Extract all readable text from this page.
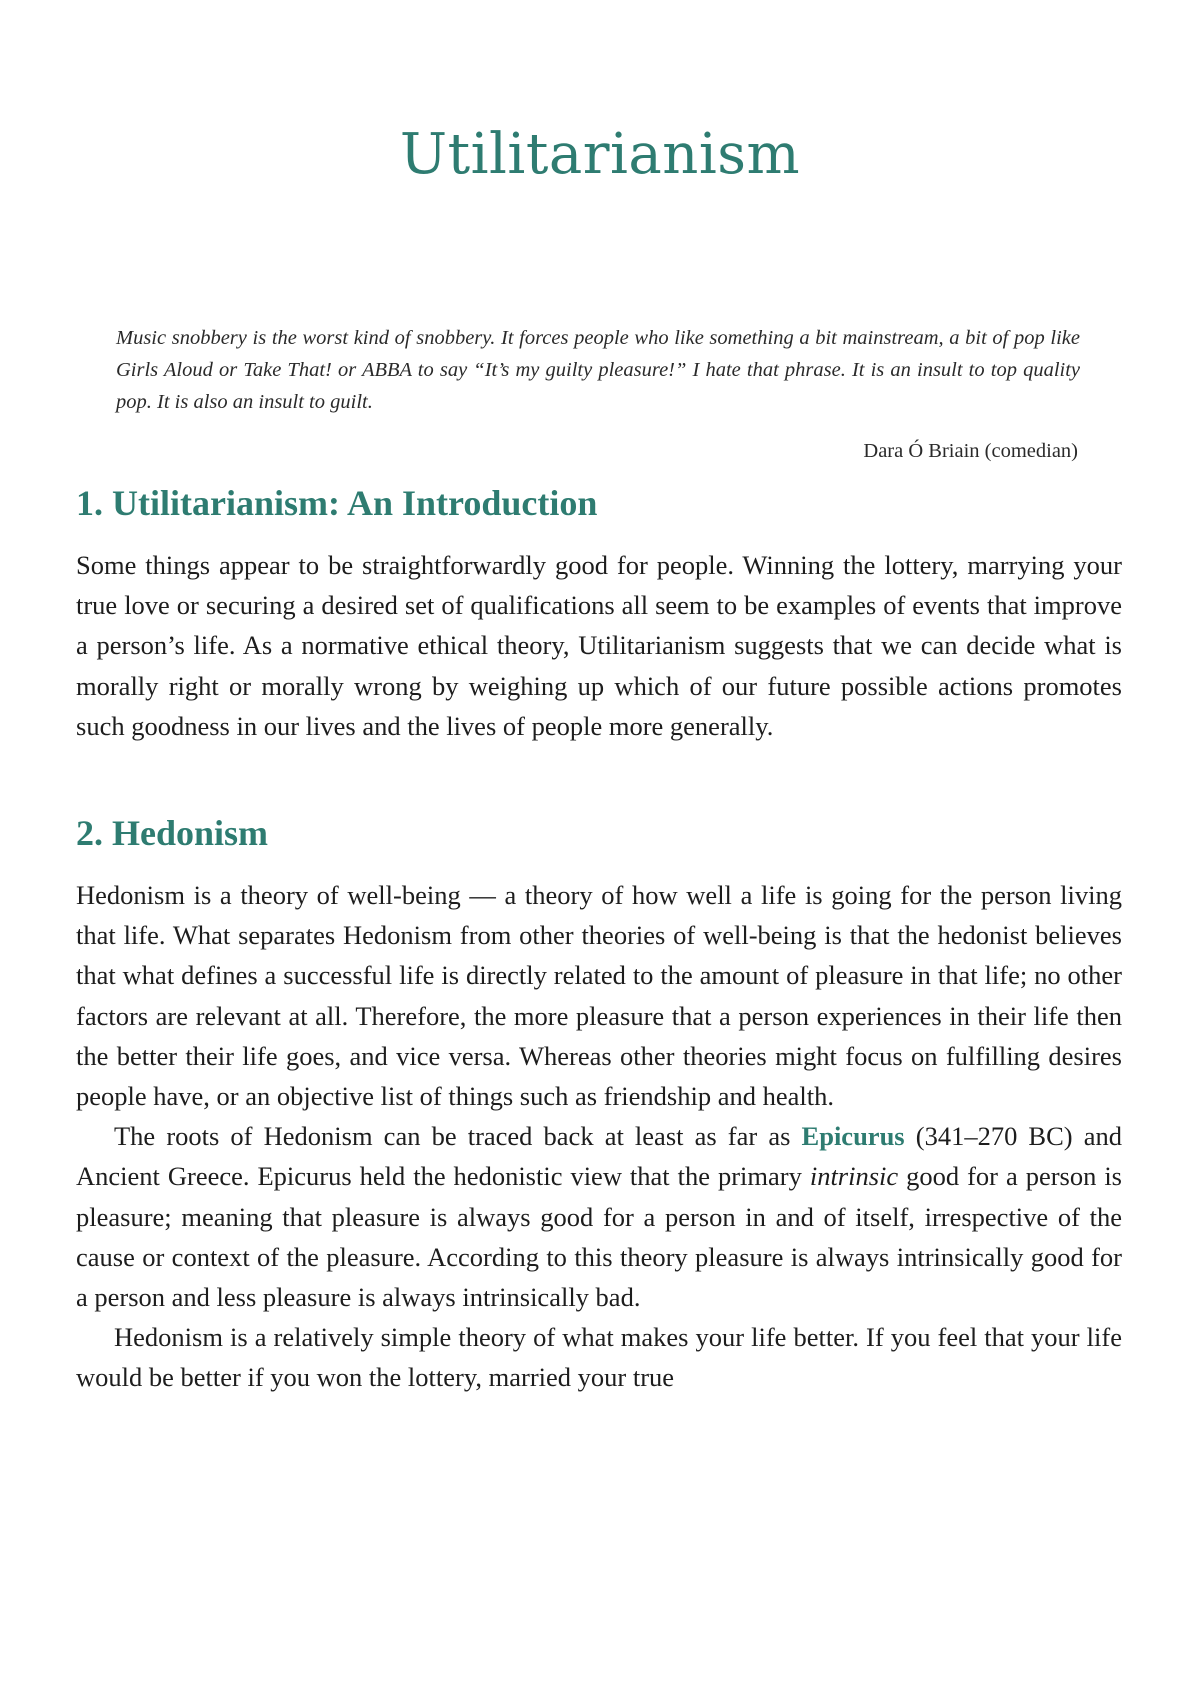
Utilitarianism

Music snobbery is the worst kind of snobbery. It forces people who like something a bit mainstream, a bit of pop like Girls Aloud or Take That! or ABBA to say “It’s my guilty pleasure!” I hate that phrase. It is an insult to top quality pop. It is also an insult to guilt.

Dara Ó Briain (comedian)

1. Utilitarianism: An Introduction

Some things appear to be straightforwardly good for people. Winning the lottery, marrying your true love or securing a desired set of qualifications all seem to be examples of events that improve a person’s life. As a normative ethical theory, Utilitarianism suggests that we can decide what is morally right or morally wrong by weighing up which of our future possible actions promotes such goodness in our lives and the lives of people more generally.

2. Hedonism

Hedonism is a theory of well-being — a theory of how well a life is going for the person living that life. What separates Hedonism from other theories of well-being is that the hedonist believes that what defines a successful life is directly related to the amount of pleasure in that life; no other factors are relevant at all. Therefore, the more pleasure that a person experiences in their life then the better their life goes, and vice versa. Whereas other theories might focus on fulfilling desires people have, or an objective list of things such as friendship and health.

The roots of Hedonism can be traced back at least as far as Epicurus (341–270 BC) and Ancient Greece. Epicurus held the hedonistic view that the primary intrinsic good for a person is pleasure; meaning that pleasure is always good for a person in and of itself, irrespective of the cause or context of the pleasure. According to this theory pleasure is always intrinsically good for a person and less pleasure is always intrinsically bad.

Hedonism is a relatively simple theory of what makes your life better. If you feel that your life would be better if you won the lottery, married your true
